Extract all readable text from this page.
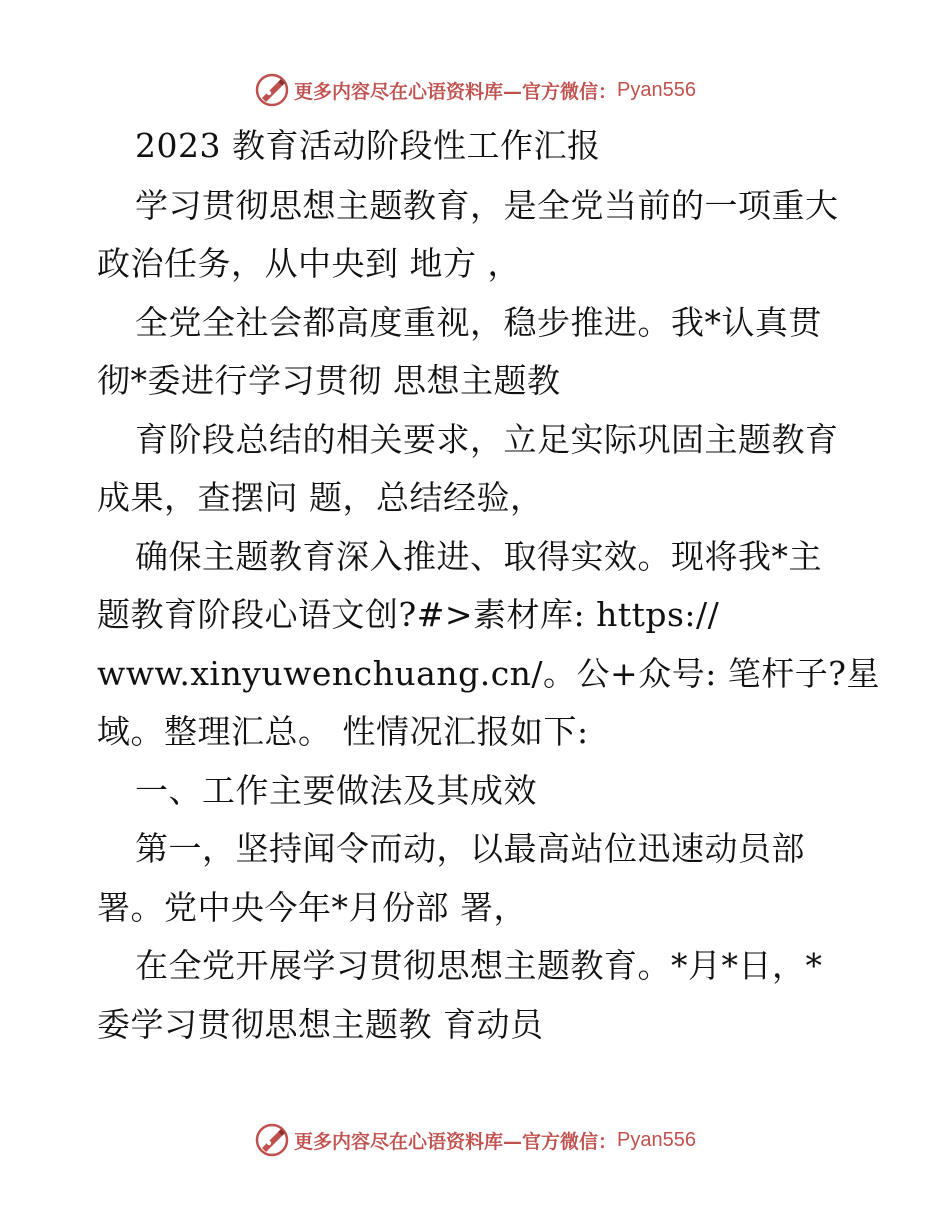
更多内容尽在心语资料库—官方微信： Pyan556
2023 教育活动阶段性工作汇报
学习贯彻思想主题教育，是全党当前的一项重大
政治任务，从中央到 地方 ，
全党全社会都高度重视，稳步推进。我*认真贯
彻*委进行学习贯彻 思想主题教
育阶段总结的相关要求，立足实际巩固主题教育
成果，查摆问 题，总结经验，
确保主题教育深入推进、取得实效。现将我*主
题教育阶段心语文创?#>素材库: https://
www.xinyuwenchuang.cn/。公+众号: 笔杆子?星
域。整理汇总。 性情况汇报如下:
一、工作主要做法及其成效
第一，坚持闻令而动，以最高站位迅速动员部
署。党中央今年*月份部 署，
在全党开展学习贯彻思想主题教育。*月*日，*
委学习贯彻思想主题教 育动员
更多内容尽在心语资料库—官方微信： Pyan556
